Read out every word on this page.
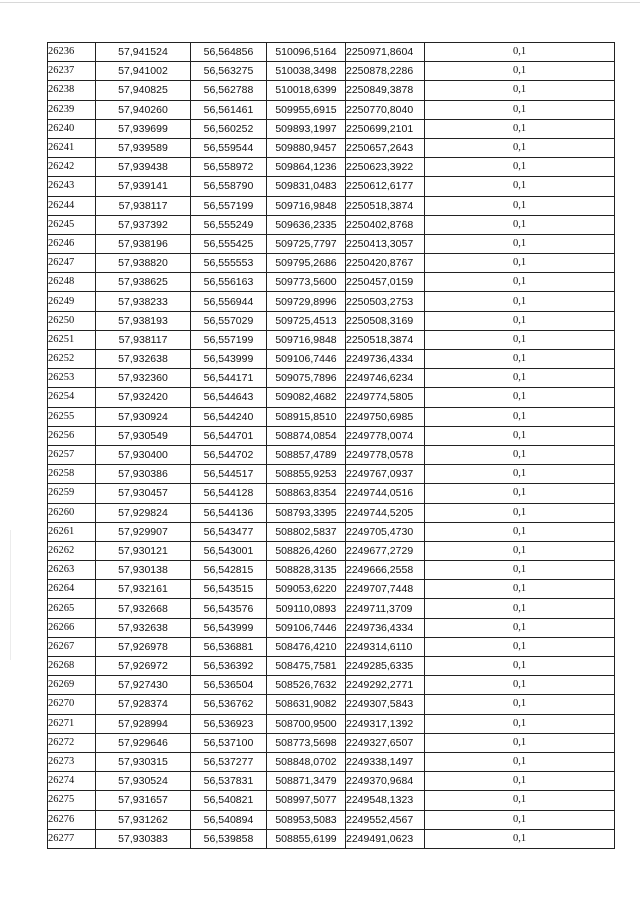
26236	57,941524	56,564856	510096,5164	2250971,8604	0,1
26237	57,941002	56,563275	510038,3498	2250878,2286	0,1
26238	57,940825	56,562788	510018,6399	2250849,3878	0,1
26239	57,940260	56,561461	509955,6915	2250770,8040	0,1
26240	57,939699	56,560252	509893,1997	2250699,2101	0,1
26241	57,939589	56,559544	509880,9457	2250657,2643	0,1
26242	57,939438	56,558972	509864,1236	2250623,3922	0,1
26243	57,939141	56,558790	509831,0483	2250612,6177	0,1
26244	57,938117	56,557199	509716,9848	2250518,3874	0,1
26245	57,937392	56,555249	509636,2335	2250402,8768	0,1
26246	57,938196	56,555425	509725,7797	2250413,3057	0,1
26247	57,938820	56,555553	509795,2686	2250420,8767	0,1
26248	57,938625	56,556163	509773,5600	2250457,0159	0,1
26249	57,938233	56,556944	509729,8996	2250503,2753	0,1
26250	57,938193	56,557029	509725,4513	2250508,3169	0,1
26251	57,938117	56,557199	509716,9848	2250518,3874	0,1
26252	57,932638	56,543999	509106,7446	2249736,4334	0,1
26253	57,932360	56,544171	509075,7896	2249746,6234	0,1
26254	57,932420	56,544643	509082,4682	2249774,5805	0,1
26255	57,930924	56,544240	508915,8510	2249750,6985	0,1
26256	57,930549	56,544701	508874,0854	2249778,0074	0,1
26257	57,930400	56,544702	508857,4789	2249778,0578	0,1
26258	57,930386	56,544517	508855,9253	2249767,0937	0,1
26259	57,930457	56,544128	508863,8354	2249744,0516	0,1
26260	57,929824	56,544136	508793,3395	2249744,5205	0,1
26261	57,929907	56,543477	508802,5837	2249705,4730	0,1
26262	57,930121	56,543001	508826,4260	2249677,2729	0,1
26263	57,930138	56,542815	508828,3135	2249666,2558	0,1
26264	57,932161	56,543515	509053,6220	2249707,7448	0,1
26265	57,932668	56,543576	509110,0893	2249711,3709	0,1
26266	57,932638	56,543999	509106,7446	2249736,4334	0,1
26267	57,926978	56,536881	508476,4210	2249314,6110	0,1
26268	57,926972	56,536392	508475,7581	2249285,6335	0,1
26269	57,927430	56,536504	508526,7632	2249292,2771	0,1
26270	57,928374	56,536762	508631,9082	2249307,5843	0,1
26271	57,928994	56,536923	508700,9500	2249317,1392	0,1
26272	57,929646	56,537100	508773,5698	2249327,6507	0,1
26273	57,930315	56,537277	508848,0702	2249338,1497	0,1
26274	57,930524	56,537831	508871,3479	2249370,9684	0,1
26275	57,931657	56,540821	508997,5077	2249548,1323	0,1
26276	57,931262	56,540894	508953,5083	2249552,4567	0,1
26277	57,930383	56,539858	508855,6199	2249491,0623	0,1
